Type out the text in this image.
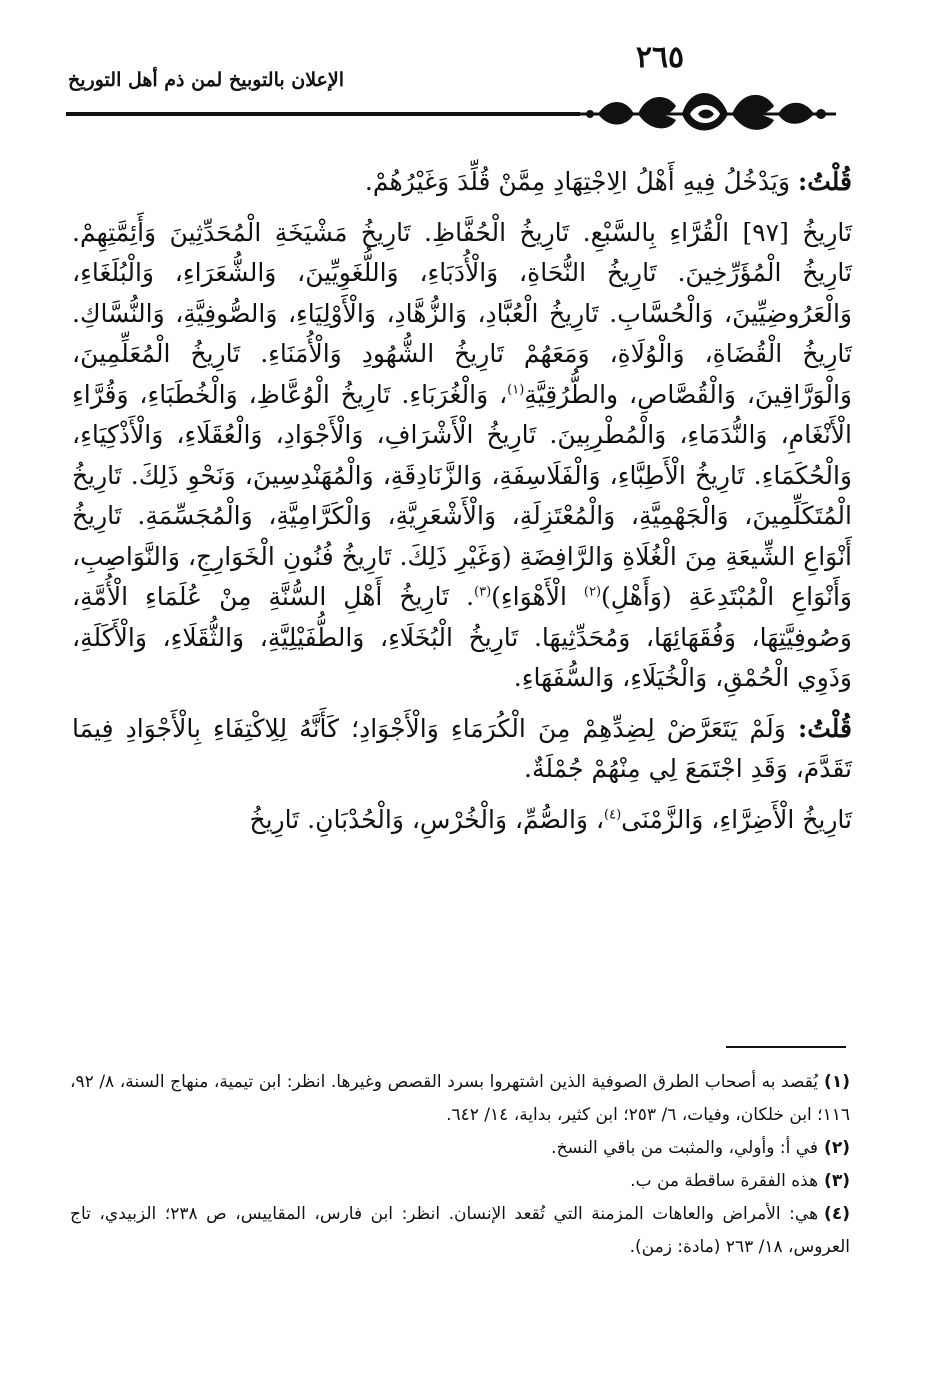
٢٦٥
الإعلان بالتوبيخ لمن ذم أهل التوريخ

قُلْتُ: وَيَدْخُلُ فِيهِ أَهْلُ الِاجْتِهَادِ مِمَّنْ قُلِّدَ وَغَيْرُهُمْ.

تَارِيخُ [٩٧] الْقُرَّاءِ بِالسَّبْعِ. تَارِيخُ الْحُفَّاظِ. تَارِيخُ مَشْيَخَةِ الْمُحَدِّثِينَ وَأَئِمَّتِهِمْ. تَارِيخُ الْمُؤَرِّخِينَ. تَارِيخُ النُّحَاةِ، وَالْأُدَبَاءِ، وَاللُّغَوِيِّينَ، وَالشُّعَرَاءِ، وَالْبُلَغَاءِ، وَالْعَرُوضِيِّينَ، وَالْحُسَّابِ. تَارِيخُ الْعُبَّادِ، وَالزُّهَّادِ، وَالْأَوْلِيَاءِ، وَالصُّوفِيَّةِ، وَالنُّسَّاكِ. تَارِيخُ الْقُضَاةِ، وَالْوُلَاةِ، وَمَعَهُمْ تَارِيخُ الشُّهُودِ وَالْأُمَنَاءِ. تَارِيخُ الْمُعَلِّمِينَ، وَالْوَرَّاقِينَ، وَالْقُصَّاصِ، والطُّرُقِيَّةِ$^{(١)}$، وَالْغُرَبَاءِ. تَارِيخُ الْوُعَّاظِ، وَالْخُطَبَاءِ، وَقُرَّاءِ الْأَنْغَامِ، وَالنُّدَمَاءِ، وَالْمُطْرِبِينَ. تَارِيخُ الْأَشْرَافِ، وَالْأَجْوَادِ، وَالْعُقَلَاءِ، وَالْأَذْكِيَاءِ، وَالْحُكَمَاءِ. تَارِيخُ الْأَطِبَّاءِ، وَالْفَلَاسِفَةِ، وَالزَّنَادِقَةِ، وَالْمُهَنْدِسِينَ، وَنَحْوِ ذَلِكَ. تَارِيخُ الْمُتَكَلِّمِينَ، وَالْجَهْمِيَّةِ، وَالْمُعْتَزِلَةِ، وَالْأَشْعَرِيَّةِ، وَالْكَرَّامِيَّةِ، وَالْمُجَسِّمَةِ. تَارِيخُ أَنْوَاعِ الشِّيعَةِ مِنَ الْغُلَاةِ وَالرَّافِضَةِ (وَغَيْرِ ذَلِكَ. تَارِيخُ فُنُونِ الْخَوَارِجِ، وَالنَّوَاصِبِ، وَأَنْوَاعِ الْمُبْتَدِعَةِ (وَأَهْلِ)$^{(٢)}$ الْأَهْوَاءِ)$^{(٣)}$. تَارِيخُ أَهْلِ السُّنَّةِ مِنْ عُلَمَاءِ الْأُمَّةِ، وَصُوفِيَّتِهَا، وَفُقَهَائِهَا، وَمُحَدِّثِيهَا. تَارِيخُ الْبُخَلَاءِ، وَالطُّفَيْلِيَّةِ، وَالثُّقَلَاءِ، وَالْأَكَلَةِ، وَذَوِي الْحُمْقِ، وَالْخُيَلَاءِ، وَالسُّفَهَاءِ.

قُلْتُ: وَلَمْ يَتَعَرَّضْ لِضِدِّهِمْ مِنَ الْكُرَمَاءِ وَالْأَجْوَادِ؛ كَأَنَّهُ لِلِاكْتِفَاءِ بِالْأَجْوَادِ فِيمَا تَقَدَّمَ، وَقَدِ اجْتَمَعَ لِي مِنْهُمْ جُمْلَةٌ.

تَارِيخُ الْأَضِرَّاءِ، وَالزَّمْنَى$^{(٤)}$، وَالصُّمِّ، وَالْخُرْسِ، وَالْحُدْبَانِ. تَارِيخُ

(١)يُقصد به أصحاب الطرق الصوفية الذين اشتهروا بسرد القصص وغيرها. انظر: ابن تيمية، منهاج السنة، ٨/ ٩٢، ١١٦؛ ابن خلكان، وفيات، ٦/ ٢٥٣؛ ابن كثير، بداية، ١٤/ ٦٤٢.

(٢)في أ: وأولي، والمثبت من باقي النسخ.

(٣)هذه الفقرة ساقطة من ب.

(٤)هي: الأمراض والعاهات المزمنة التي تُقعد الإنسان. انظر: ابن فارس، المقاييس، ص ٢٣٨؛ الزبيدي، تاج العروس، ١٨/ ٢٦٣ (مادة: زمن).
